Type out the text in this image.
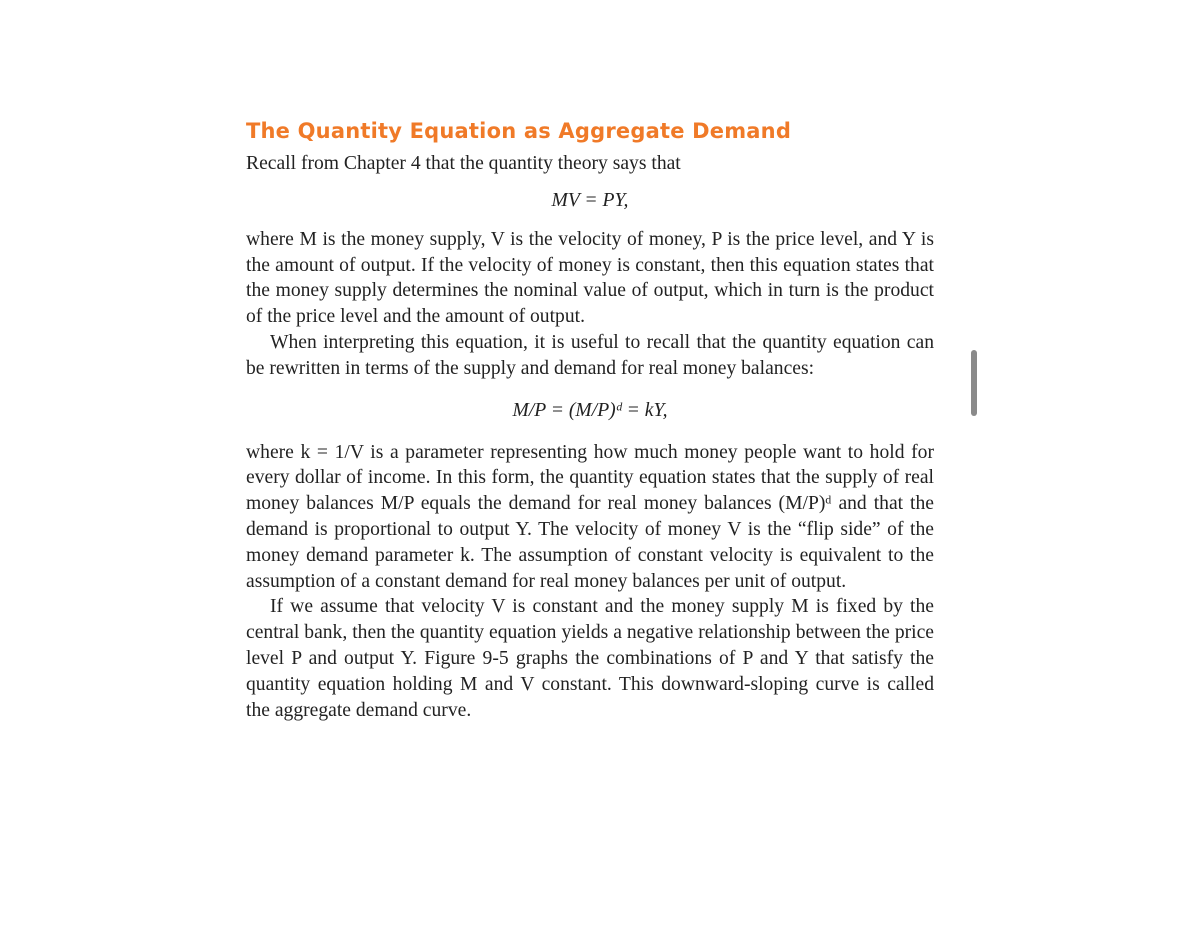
The Quantity Equation as Aggregate Demand

Recall from Chapter 4 that the quantity theory says that

MV = PY,

where M is the money supply, V is the velocity of money, P is the price level, and Y is the amount of output. If the velocity of money is constant, then this equation states that the money supply determines the nominal value of output, which in turn is the product of the price level and the amount of output.

When interpreting this equation, it is useful to recall that the quantity equation can be rewritten in terms of the supply and demand for real money balances:

M/P = (M/P)ᵈ = kY,

where k = 1/V is a parameter representing how much money people want to hold for every dollar of income. In this form, the quantity equation states that the supply of real money balances M/P equals the demand for real money balances (M/P)ᵈ and that the demand is proportional to output Y. The velocity of money V is the “flip side” of the money demand parameter k. The assumption of constant velocity is equivalent to the assumption of a constant demand for real money balances per unit of output.

If we assume that velocity V is constant and the money supply M is fixed by the central bank, then the quantity equation yields a negative relationship between the price level P and output Y. Figure 9-5 graphs the combinations of P and Y that satisfy the quantity equation holding M and V constant. This downward-sloping curve is called the aggregate demand curve.
